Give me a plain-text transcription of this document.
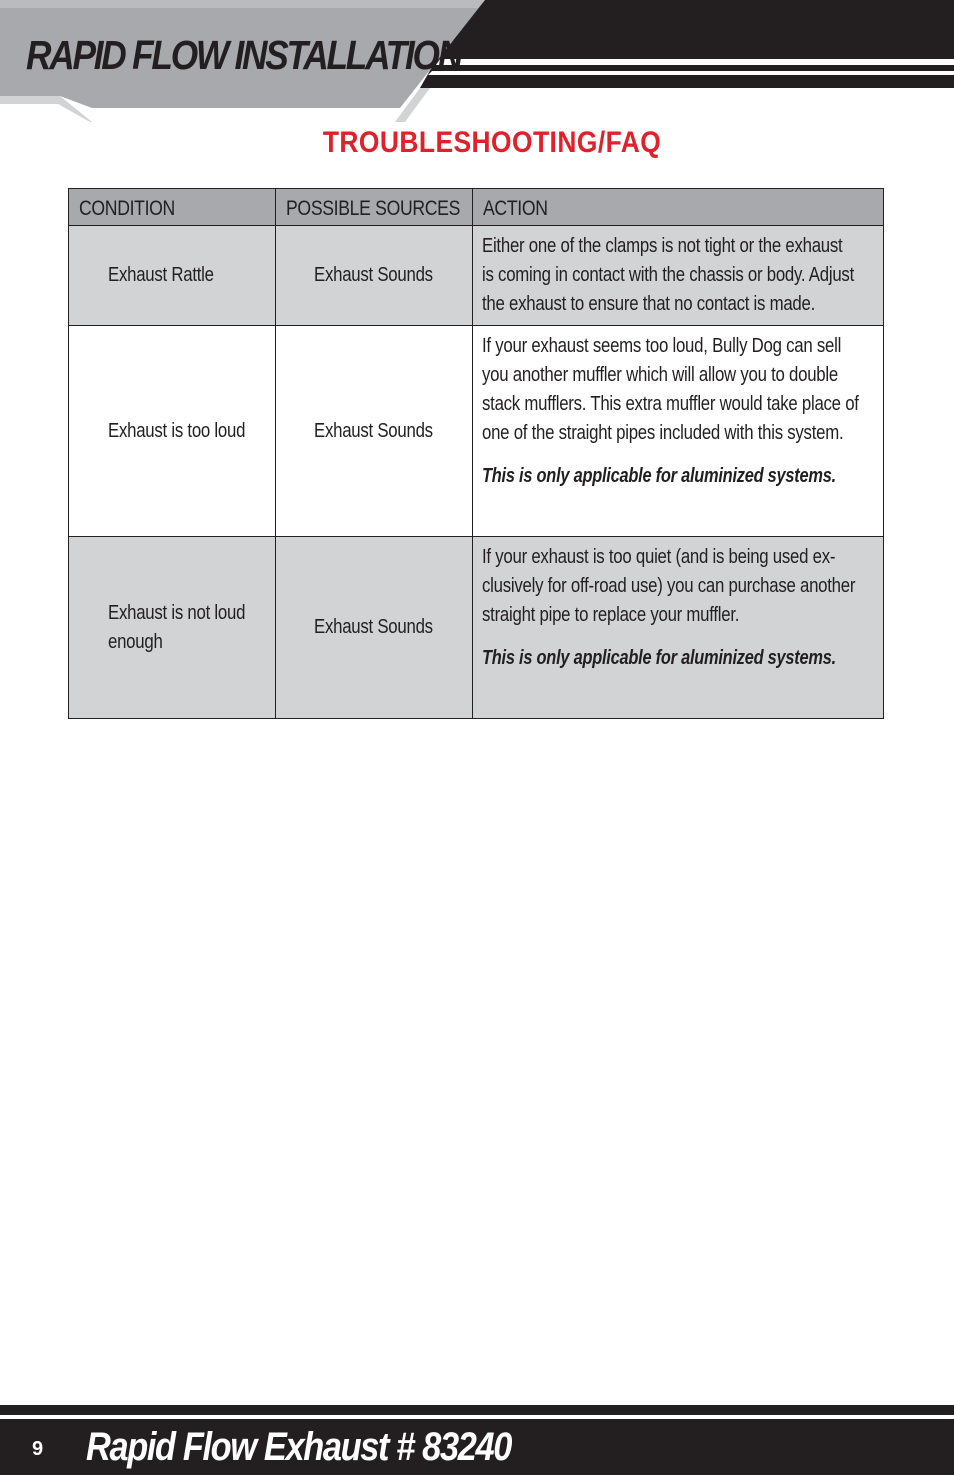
RAPID FLOW INSTALLATION
TROUBLESHOOTING/FAQ
CONDITION	POSSIBLE SOURCES	ACTION

Exhaust Rattle	Exhaust Sounds	Either one of the clamps is not tight or the exhaust
is coming in contact with the chassis or body. Adjust
the exhaust to ensure that no contact is made.

Exhaust is too loud	Exhaust Sounds	If your exhaust seems too loud, Bully Dog can sell
you another muffler which will allow you to double
stack mufflers. This extra muffler would take place of
one of the straight pipes included with this system.
This is only applicable for aluminized systems.

Exhaust is not loud
enough	Exhaust Sounds	If your exhaust is too quiet (and is being used ex-
clusively for off-road use) you can purchase another
straight pipe to replace your muffler.
This is only applicable for aluminized systems.
9 Rapid Flow Exhaust # 83240
